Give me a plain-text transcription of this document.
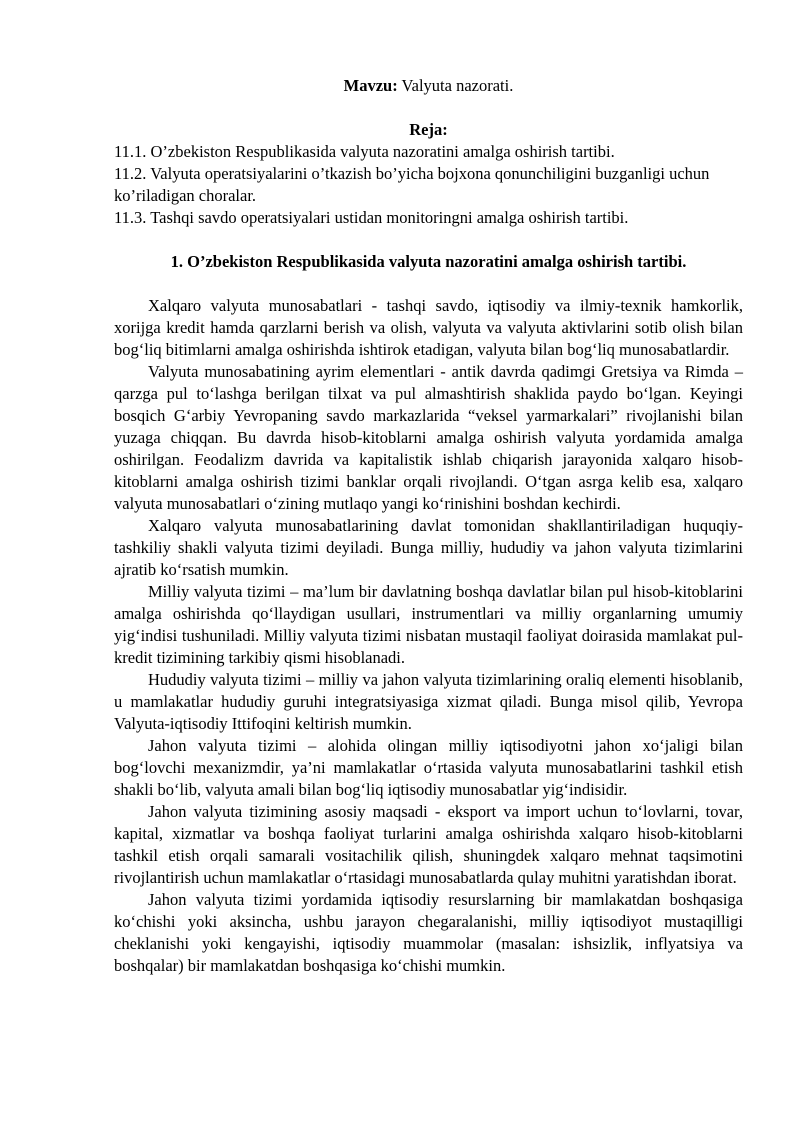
Mavzu: Valyuta nazorati.

Reja:

11.1. O’zbekiston Respublikasida valyuta nazoratini amalga oshirish tartibi.
11.2. Valyuta operatsiyalarini o’tkazish bo’yicha bojxona qonunchiligini buzganligi uchun ko’riladigan choralar.
11.3. Tashqi savdo operatsiyalari ustidan monitoringni amalga oshirish tartibi.

1. O’zbekiston Respublikasida valyuta nazoratini amalga oshirish tartibi.

Xalqaro valyuta munosabatlari - tashqi savdo, iqtisodiy va ilmiy-texnik hamkorlik, xorijga kredit hamda qarzlarni berish va olish, valyuta va valyuta aktivlarini sotib olish bilan bog‘liq bitimlarni amalga oshirishda ishtirok etadigan, valyuta bilan bog‘liq munosabatlardir.

Valyuta munosabatining ayrim elementlari - antik davrda qadimgi Gretsiya va Rimda – qarzga pul to‘lashga berilgan tilxat va pul almashtirish shaklida paydo bo‘lgan. Keyingi bosqich G‘arbiy Yevropaning savdo markazlarida “veksel yarmarkalari” rivojlanishi bilan yuzaga chiqqan. Bu davrda hisob-kitoblarni amalga oshirish valyuta yordamida amalga oshirilgan. Feodalizm davrida va kapitalistik ishlab chiqarish jarayonida xalqaro hisob-kitoblarni amalga oshirish tizimi banklar orqali rivojlandi. O‘tgan asrga kelib esa, xalqaro valyuta munosabatlari o‘zining mutlaqo yangi ko‘rinishini boshdan kechirdi.

Xalqaro valyuta munosabatlarining davlat tomonidan shakllantiriladigan huquqiy-tashkiliy shakli valyuta tizimi deyiladi. Bunga milliy, hududiy va jahon valyuta tizimlarini ajratib ko‘rsatish mumkin.

Milliy valyuta tizimi – ma’lum bir davlatning boshqa davlatlar bilan pul hisob-kitoblarini amalga oshirishda qo‘llaydigan usullari, instrumentlari va milliy organlarning umumiy yig‘indisi tushuniladi. Milliy valyuta tizimi nisbatan mustaqil faoliyat doirasida mamlakat pul-kredit tizimining tarkibiy qismi hisoblanadi.

Hududiy valyuta tizimi – milliy va jahon valyuta tizimlarining oraliq elementi hisoblanib, u mamlakatlar hududiy guruhi integratsiyasiga xizmat qiladi. Bunga misol qilib, Yevropa Valyuta-iqtisodiy Ittifoqini keltirish mumkin.

Jahon valyuta tizimi – alohida olingan milliy iqtisodiyotni jahon xo‘jaligi bilan bog‘lovchi mexanizmdir, ya’ni mamlakatlar o‘rtasida valyuta munosabatlarini tashkil etish shakli bo‘lib, valyuta amali bilan bog‘liq iqtisodiy munosabatlar yig‘indisidir.

Jahon valyuta tizimining asosiy maqsadi - eksport va import uchun to‘lovlarni, tovar, kapital, xizmatlar va boshqa faoliyat turlarini amalga oshirishda xalqaro hisob-kitoblarni tashkil etish orqali samarali vositachilik qilish, shuningdek xalqaro mehnat taqsimotini rivojlantirish uchun mamlakatlar o‘rtasidagi munosabatlarda qulay muhitni yaratishdan iborat.

Jahon valyuta tizimi yordamida iqtisodiy resurslarning bir mamlakatdan boshqasiga ko‘chishi yoki aksincha, ushbu jarayon chegaralanishi, milliy iqtisodiyot mustaqilligi cheklanishi yoki kengayishi, iqtisodiy muammolar (masalan: ishsizlik, inflyatsiya va boshqalar) bir mamlakatdan boshqasiga ko‘chishi mumkin.
